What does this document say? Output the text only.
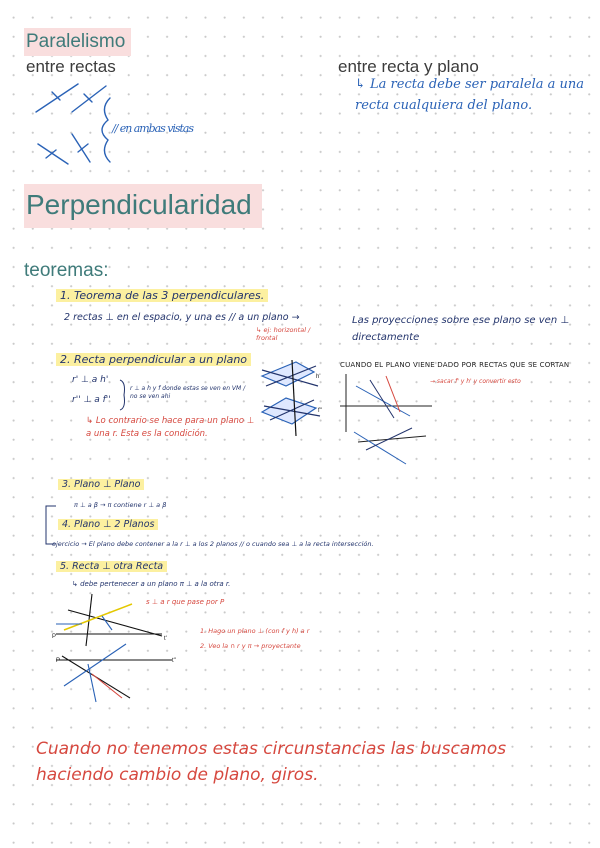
Paralelismo
entre rectas	entre recta y plano
// en ambas vistas
↳ La recta debe ser paralela a una recta cualquiera del plano.
Perpendicularidad
teoremas:
1. Teorema de las 3 perpendiculares.
2 rectas ⊥ en el espacio, y una es // a un plano →
↳ ej: horizontal / frontal
Las proyecciones sobre ese plano se ven ⊥ directamente
2. Recta perpendicular a un plano
r' ⊥ a h'
r'' ⊥ a f''
r ⊥ a h y f donde estas se ven en VM / no se ven ahi
↳ Lo contrario se hace para un plano ⊥ a una r. Esta es la condición.
h'
f''
CUANDO EL PLANO VIENE DADO POR RECTAS QUE SE CORTAN
→ sacar f' y h' y convertir esto
3. Plano ⊥ Plano
π ⊥ a β → π contiene r ⊥ a β
4. Plano ⊥ 2 Planos
ejercicio → El plano debe contener a la r ⊥ a los 2 planos // o cuando sea ⊥ a la recta intersección.
5. Recta ⊥ otra Recta
↳ debe pertenecer a un plano π ⊥ a la otra r.
s ⊥ a r que pase por P
1. Hago un plano ⊥ (con f y h) a r
2. Veo la ∩ r y π → proyectante
P
P
t'
t''
Cuando no tenemos estas circunstancias las buscamos haciendo cambio de plano, giros.
